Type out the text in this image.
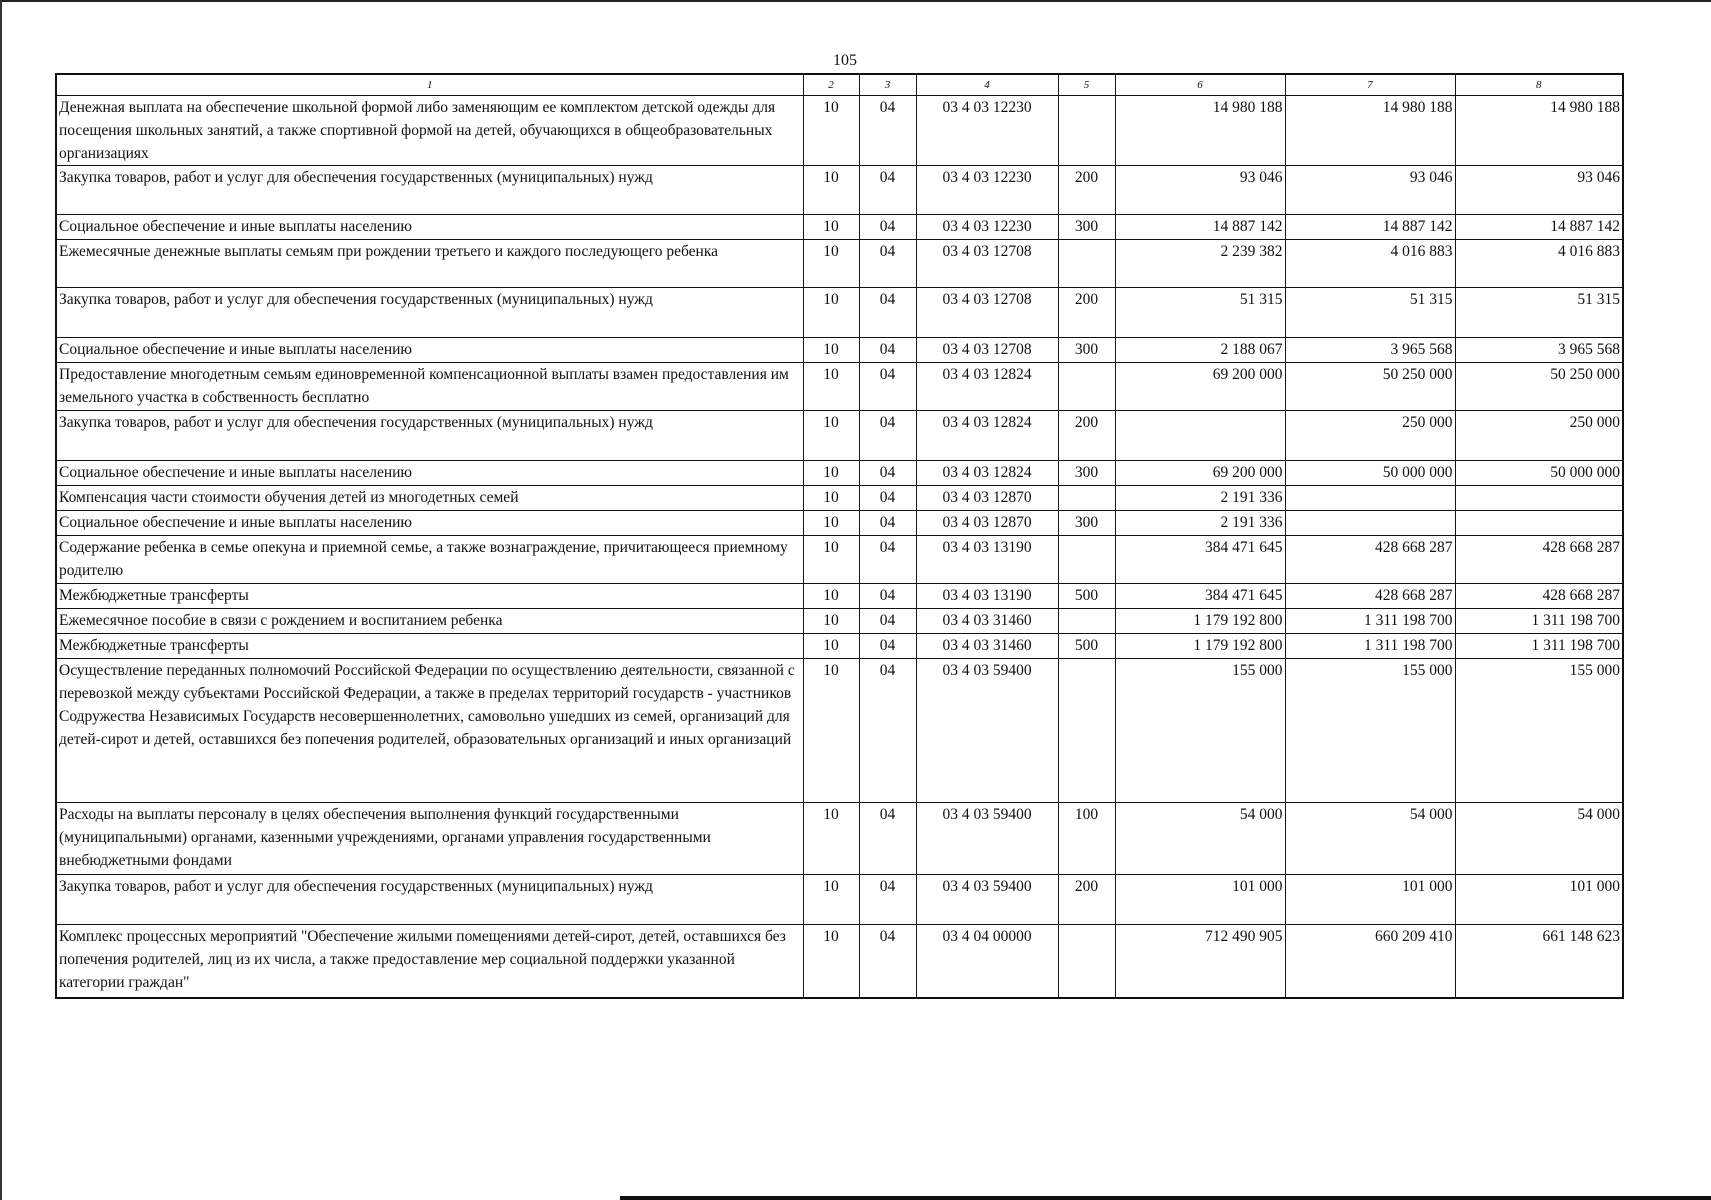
105
1	2	3	4	5	6	7	8
Денежная выплата на обеспечение школьной формой либо заменяющим ее комплектом детской одежды для посещения школьных занятий, а также спортивной формой на детей, обучающихся в общеобразовательных организациях	10	04	03 4 03 12230		14 980 188	14 980 188	14 980 188
Закупка товаров, работ и услуг для обеспечения государственных (муниципальных) нужд	10	04	03 4 03 12230	200	93 046	93 046	93 046
Социальное обеспечение и иные выплаты населению	10	04	03 4 03 12230	300	14 887 142	14 887 142	14 887 142
Ежемесячные денежные выплаты семьям при рождении третьего и каждого последующего ребенка	10	04	03 4 03 12708		2 239 382	4 016 883	4 016 883
Закупка товаров, работ и услуг для обеспечения государственных (муниципальных) нужд	10	04	03 4 03 12708	200	51 315	51 315	51 315
Социальное обеспечение и иные выплаты населению	10	04	03 4 03 12708	300	2 188 067	3 965 568	3 965 568
Предоставление многодетным семьям единовременной компенсационной выплаты взамен предоставления им земельного участка в собственность бесплатно	10	04	03 4 03 12824		69 200 000	50 250 000	50 250 000
Закупка товаров, работ и услуг для обеспечения государственных (муниципальных) нужд	10	04	03 4 03 12824	200		250 000	250 000
Социальное обеспечение и иные выплаты населению	10	04	03 4 03 12824	300	69 200 000	50 000 000	50 000 000
Компенсация части стоимости обучения детей из многодетных семей	10	04	03 4 03 12870		2 191 336		
Социальное обеспечение и иные выплаты населению	10	04	03 4 03 12870	300	2 191 336		
Содержание ребенка в семье опекуна и приемной семье, а также вознаграждение, причитающееся приемному родителю	10	04	03 4 03 13190		384 471 645	428 668 287	428 668 287
Межбюджетные трансферты	10	04	03 4 03 13190	500	384 471 645	428 668 287	428 668 287
Ежемесячное пособие в связи с рождением и воспитанием ребенка	10	04	03 4 03 31460		1 179 192 800	1 311 198 700	1 311 198 700
Межбюджетные трансферты	10	04	03 4 03 31460	500	1 179 192 800	1 311 198 700	1 311 198 700
Осуществление переданных полномочий Российской Федерации по осуществлению деятельности, связанной с перевозкой между субъектами Российской Федерации, а также в пределах территорий государств - участников Содружества Независимых Государств несовершеннолетних, самовольно ушедших из семей, организаций для детей-сирот и детей, оставшихся без попечения родителей, образовательных организаций и иных организаций	10	04	03 4 03 59400		155 000	155 000	155 000
Расходы на выплаты персоналу в целях обеспечения выполнения функций государственными (муниципальными) органами, казенными учреждениями, органами управления государственными внебюджетными фондами	10	04	03 4 03 59400	100	54 000	54 000	54 000
Закупка товаров, работ и услуг для обеспечения государственных (муниципальных) нужд	10	04	03 4 03 59400	200	101 000	101 000	101 000
Комплекс процессных мероприятий "Обеспечение жилыми помещениями детей-сирот, детей, оставшихся без попечения родителей, лиц из их числа, а также предоставление мер социальной поддержки указанной категории граждан"	10	04	03 4 04 00000		712 490 905	660 209 410	661 148 623
